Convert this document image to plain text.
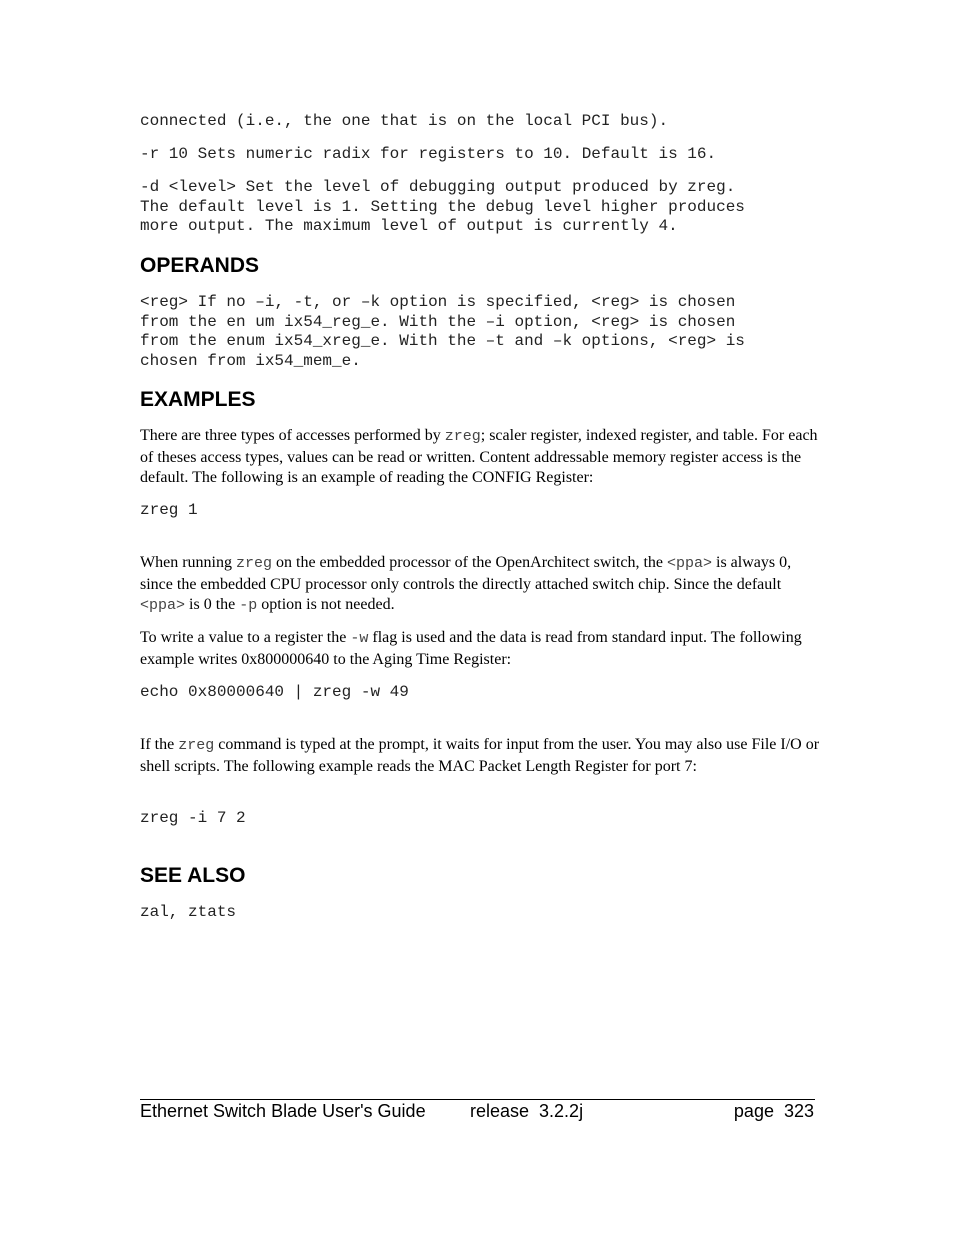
connected (i.e., the one that is on the local PCI bus).

-r 10 Sets numeric radix for registers to 10. Default is 16.

-d <level> Set the level of debugging output produced by zreg.
The default level is 1. Setting the debug level higher produces
more output. The maximum level of output is currently 4.

OPERANDS

<reg> If no –i, -t, or –k option is specified, <reg> is chosen
from the en um ix54_reg_e. With the –i option, <reg> is chosen
from the enum ix54_xreg_e. With the –t and –k options, <reg> is
chosen from ix54_mem_e.

EXAMPLES

There are three types of accesses performed by zreg; scaler register, indexed register, and table. For each of theses access types, values can be read or written. Content addressable memory register access is the default. The following is an example of reading the CONFIG Register:

zreg 1

When running zreg on the embedded processor of the OpenArchitect switch, the <ppa> is always 0, since the embedded CPU processor only controls the directly attached switch chip. Since the default <ppa> is 0 the -p option is not needed.

To write a value to a register the -w flag is used and the data is read from standard input. The following example writes 0x800000640 to the Aging Time Register:

echo 0x80000640 | zreg -w 49

If the zreg command is typed at the prompt, it waits for input from the user. You may also use File I/O or shell scripts. The following example reads the MAC Packet Length Register for port 7:

zreg -i 7 2

SEE ALSO

zal, ztats

Ethernet Switch Blade User's Guide release  3.2.2j	page  323
